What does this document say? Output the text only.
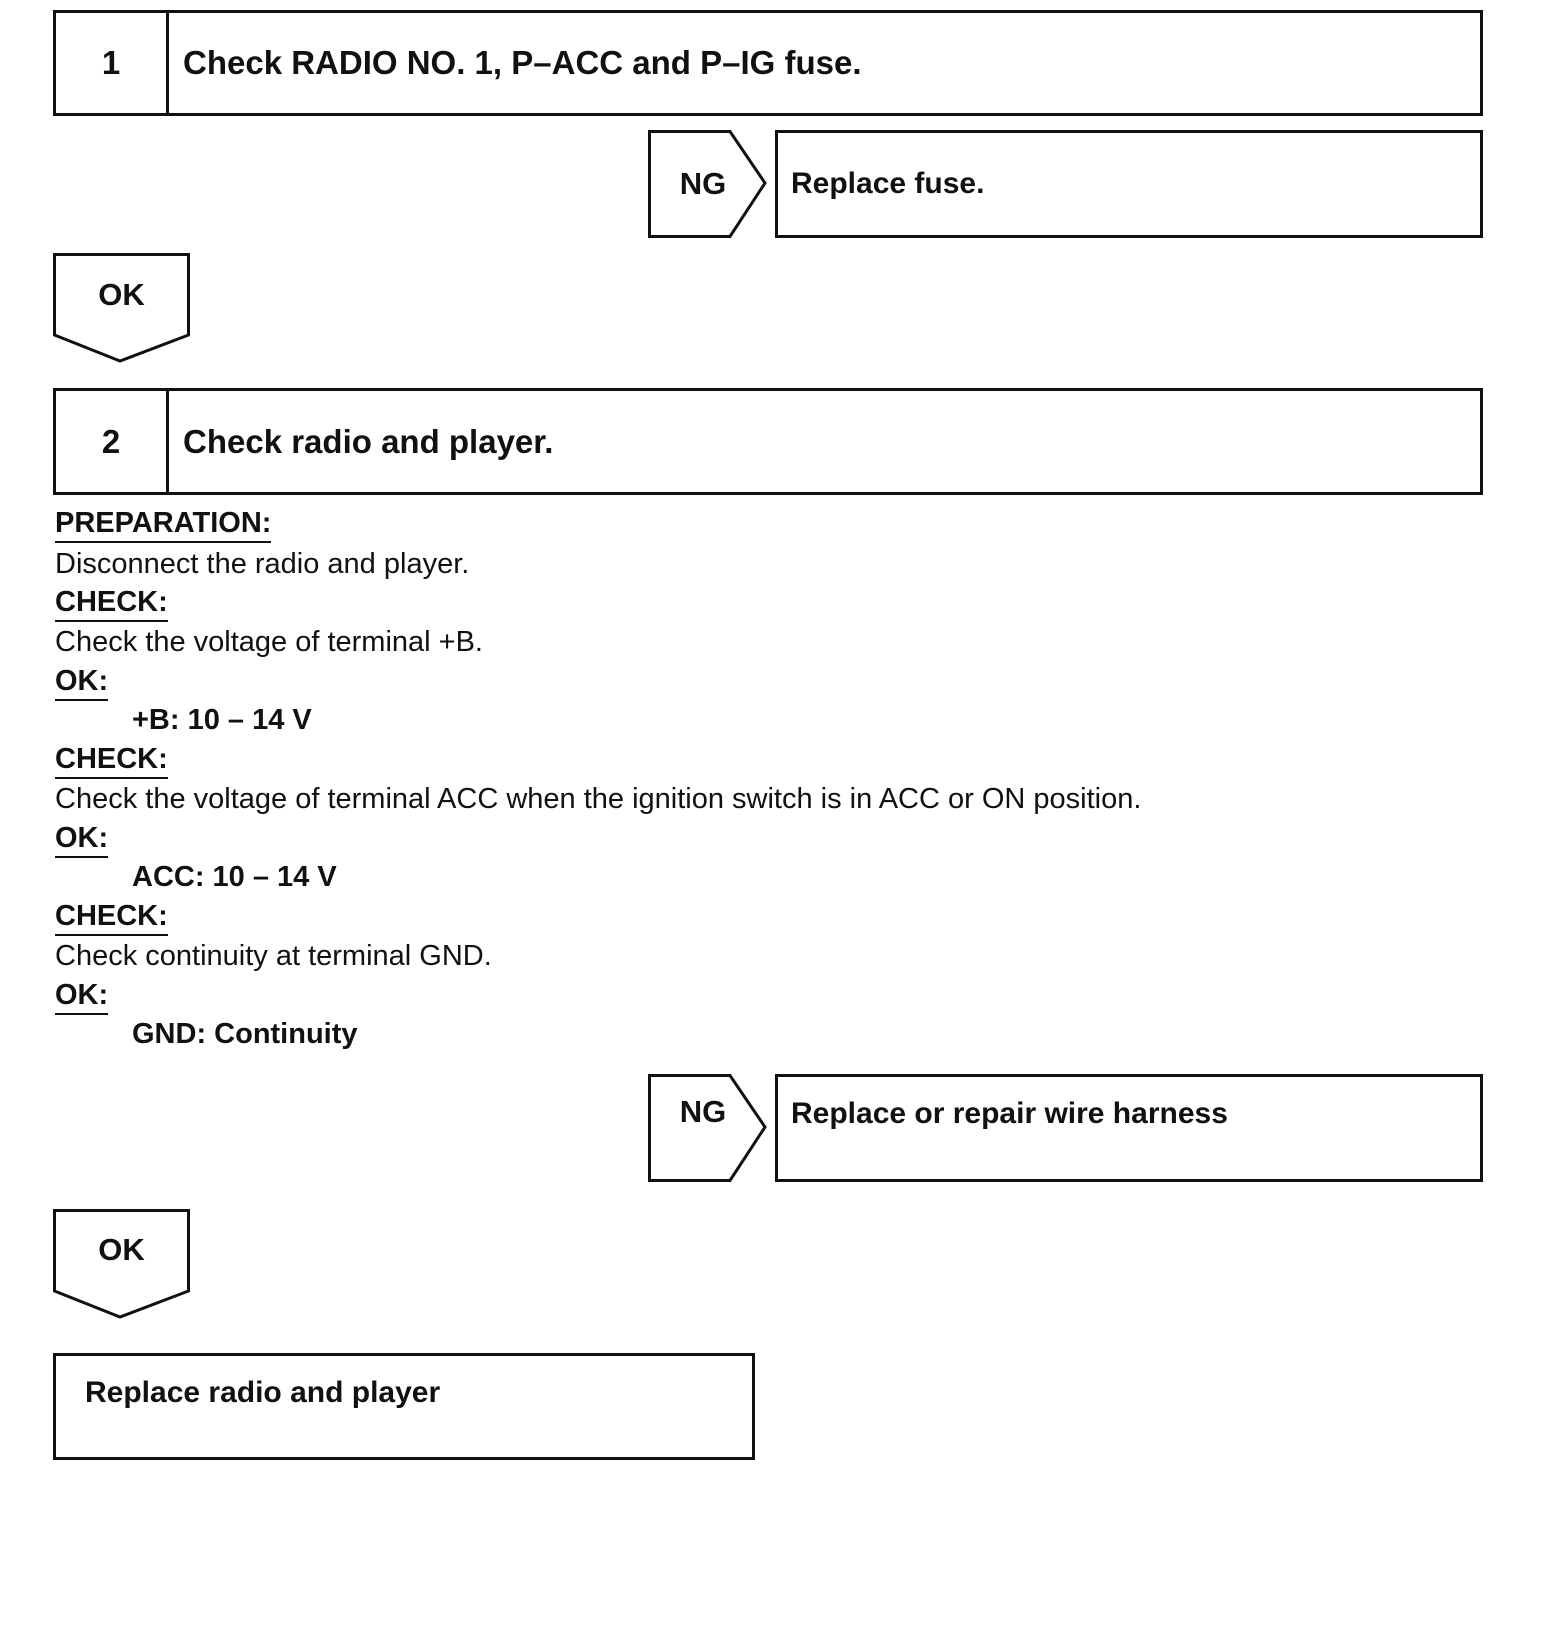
1	Check RADIO NO. 1, P–ACC and P–IG fuse.
NG	Replace fuse.
OK
2	Check radio and player.
PREPARATION:
Disconnect the radio and player.
CHECK:
Check the voltage of terminal +B.
OK:
+B: 10 – 14 V
CHECK:
Check the voltage of terminal ACC when the ignition switch is in ACC or ON position.
OK:
ACC: 10 – 14 V
CHECK:
Check continuity at terminal GND.
OK:
GND: Continuity
NG	Replace or repair wire harness
OK
Replace radio and player
